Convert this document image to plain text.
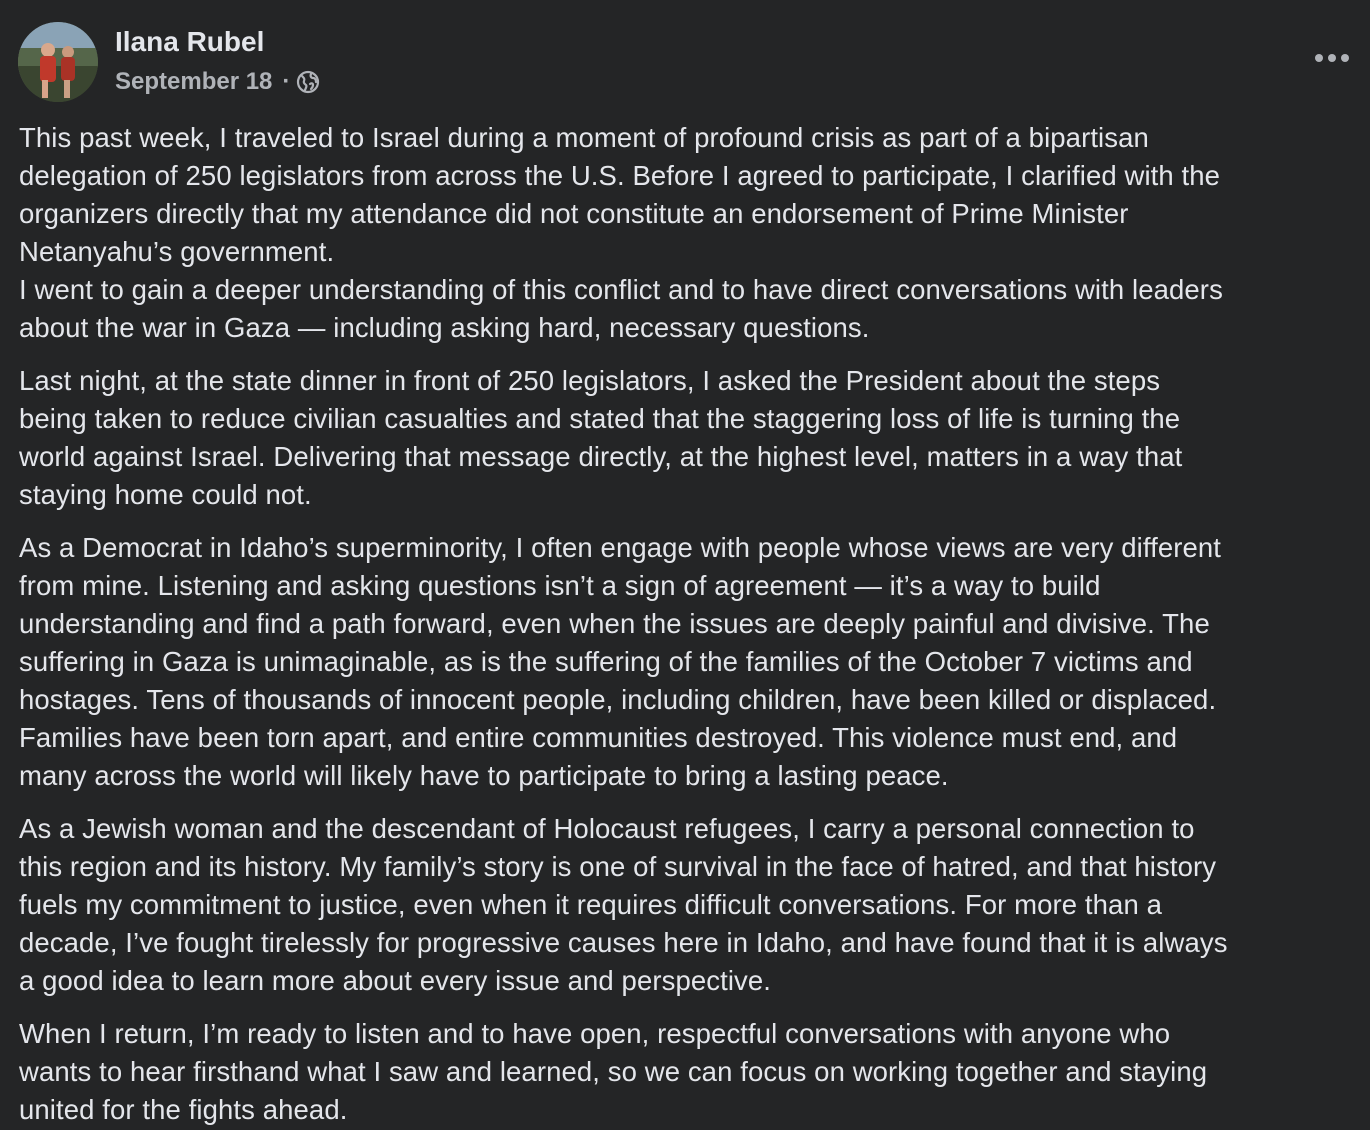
Ilana Rubel
September 18 ·
This past week, I traveled to Israel during a moment of profound crisis as part of a bipartisan
delegation of 250 legislators from across the U.S. Before I agreed to participate, I clarified with the
organizers directly that my attendance did not constitute an endorsement of Prime Minister
Netanyahu’s government.
I went to gain a deeper understanding of this conflict and to have direct conversations with leaders
about the war in Gaza — including asking hard, necessary questions.
Last night, at the state dinner in front of 250 legislators, I asked the President about the steps
being taken to reduce civilian casualties and stated that the staggering loss of life is turning the
world against Israel. Delivering that message directly, at the highest level, matters in a way that
staying home could not.
As a Democrat in Idaho’s superminority, I often engage with people whose views are very different
from mine. Listening and asking questions isn’t a sign of agreement — it’s a way to build
understanding and find a path forward, even when the issues are deeply painful and divisive. The
suffering in Gaza is unimaginable, as is the suffering of the families of the October 7 victims and
hostages. Tens of thousands of innocent people, including children, have been killed or displaced.
Families have been torn apart, and entire communities destroyed. This violence must end, and
many across the world will likely have to participate to bring a lasting peace.
As a Jewish woman and the descendant of Holocaust refugees, I carry a personal connection to
this region and its history. My family’s story is one of survival in the face of hatred, and that history
fuels my commitment to justice, even when it requires difficult conversations. For more than a
decade, I’ve fought tirelessly for progressive causes here in Idaho, and have found that it is always
a good idea to learn more about every issue and perspective.
When I return, I’m ready to listen and to have open, respectful conversations with anyone who
wants to hear firsthand what I saw and learned, so we can focus on working together and staying
united for the fights ahead.
